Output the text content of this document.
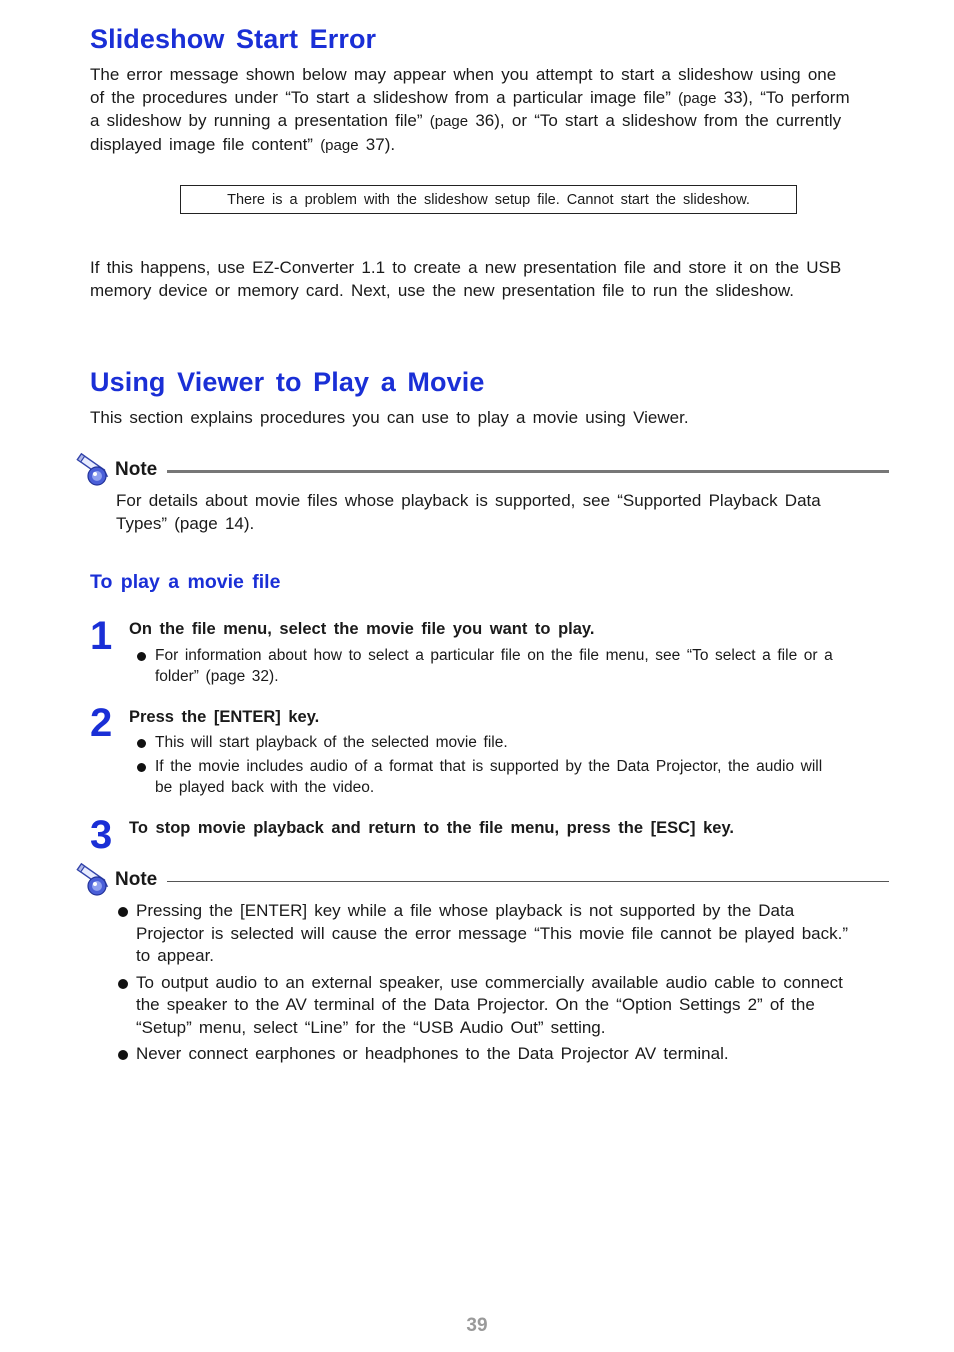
Slideshow Start Error
The error message shown below may appear when you attempt to start a slideshow using one of the procedures under “To start a slideshow from a particular image file” (page 33), “To perform a slideshow by running a presentation file” (page 36), or “To start a slideshow from the currently displayed image file content” (page 37).
There is a problem with the slideshow setup file. Cannot start the slideshow.
If this happens, use EZ-Converter 1.1 to create a new presentation file and store it on the USB memory device or memory card. Next, use the new presentation file to run the slideshow.
Using Viewer to Play a Movie
This section explains procedures you can use to play a movie using Viewer.
Note
For details about movie files whose playback is supported, see “Supported Playback Data Types” (page 14).
To play a movie file
1 On the file menu, select the movie file you want to play.
For information about how to select a particular file on the file menu, see “To select a file or a folder” (page 32).
2 Press the [ENTER] key.
This will start playback of the selected movie file.
If the movie includes audio of a format that is supported by the Data Projector, the audio will be played back with the video.
3 To stop movie playback and return to the file menu, press the [ESC] key.
Note
Pressing the [ENTER] key while a file whose playback is not supported by the Data Projector is selected will cause the error message “This movie file cannot be played back.” to appear.
To output audio to an external speaker, use commercially available audio cable to connect the speaker to the AV terminal of the Data Projector. On the “Option Settings 2” of the “Setup” menu, select “Line” for the “USB Audio Out” setting.
Never connect earphones or headphones to the Data Projector AV terminal.
39
